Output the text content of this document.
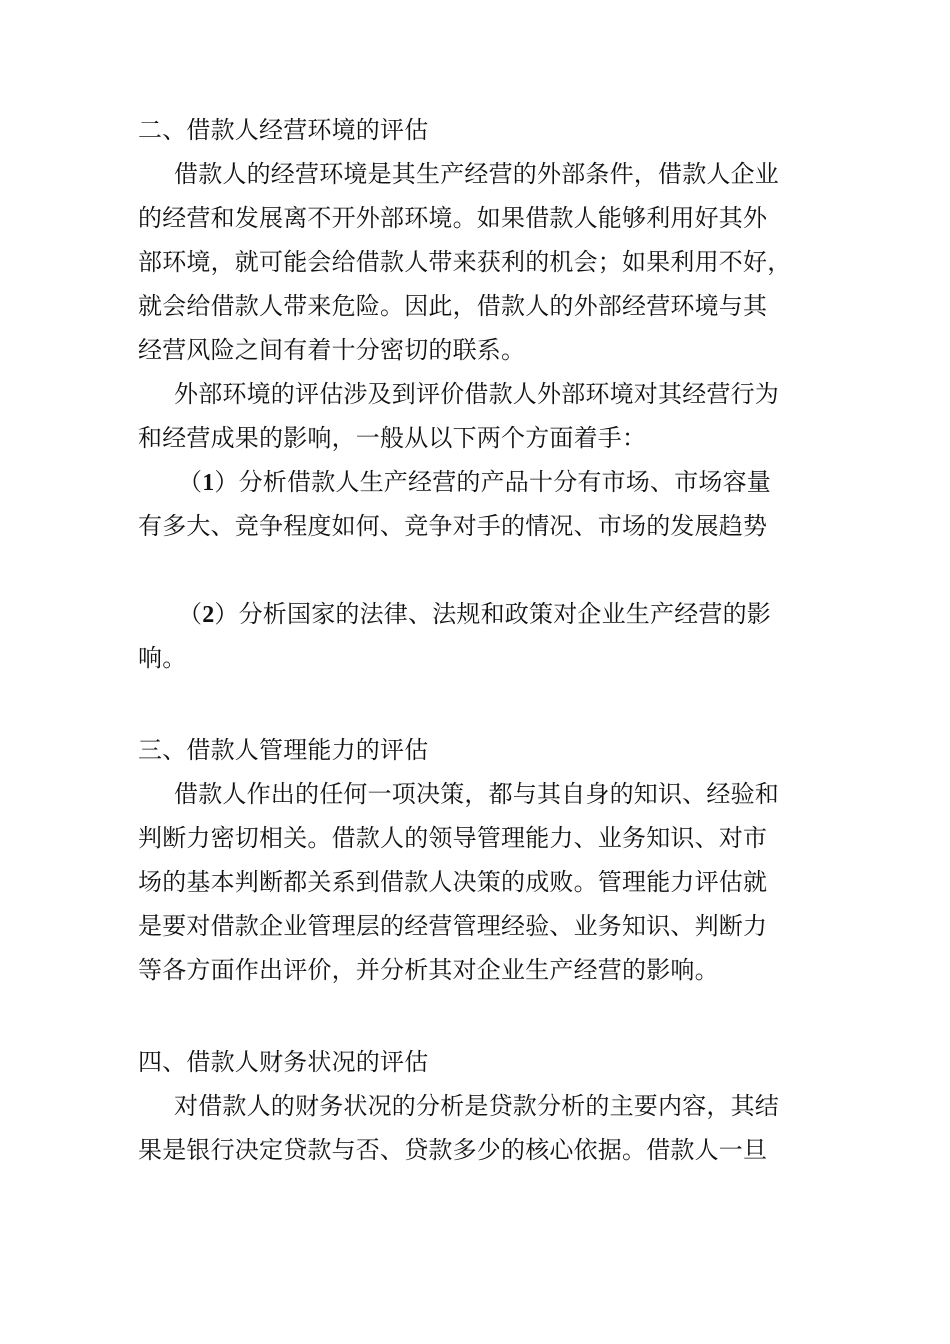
二、借款人经营环境的评估
借款人的经营环境是其生产经营的外部条件，借款人企业
的经营和发展离不开外部环境。如果借款人能够利用好其外
部环境，就可能会给借款人带来获利的机会；如果利用不好，
就会给借款人带来危险。因此，借款人的外部经营环境与其
经营风险之间有着十分密切的联系。
外部环境的评估涉及到评价借款人外部环境对其经营行为
和经营成果的影响，一般从以下两个方面着手：
（1）分析借款人生产经营的产品十分有市场、市场容量
有多大、竞争程度如何、竞争对手的情况、市场的发展趋势
（2）分析国家的法律、法规和政策对企业生产经营的影
响。
三、借款人管理能力的评估
借款人作出的任何一项决策，都与其自身的知识、经验和
判断力密切相关。借款人的领导管理能力、业务知识、对市
场的基本判断都关系到借款人决策的成败。管理能力评估就
是要对借款企业管理层的经营管理经验、业务知识、判断力
等各方面作出评价，并分析其对企业生产经营的影响。
四、借款人财务状况的评估
对借款人的财务状况的分析是贷款分析的主要内容，其结
果是银行决定贷款与否、贷款多少的核心依据。借款人一旦
